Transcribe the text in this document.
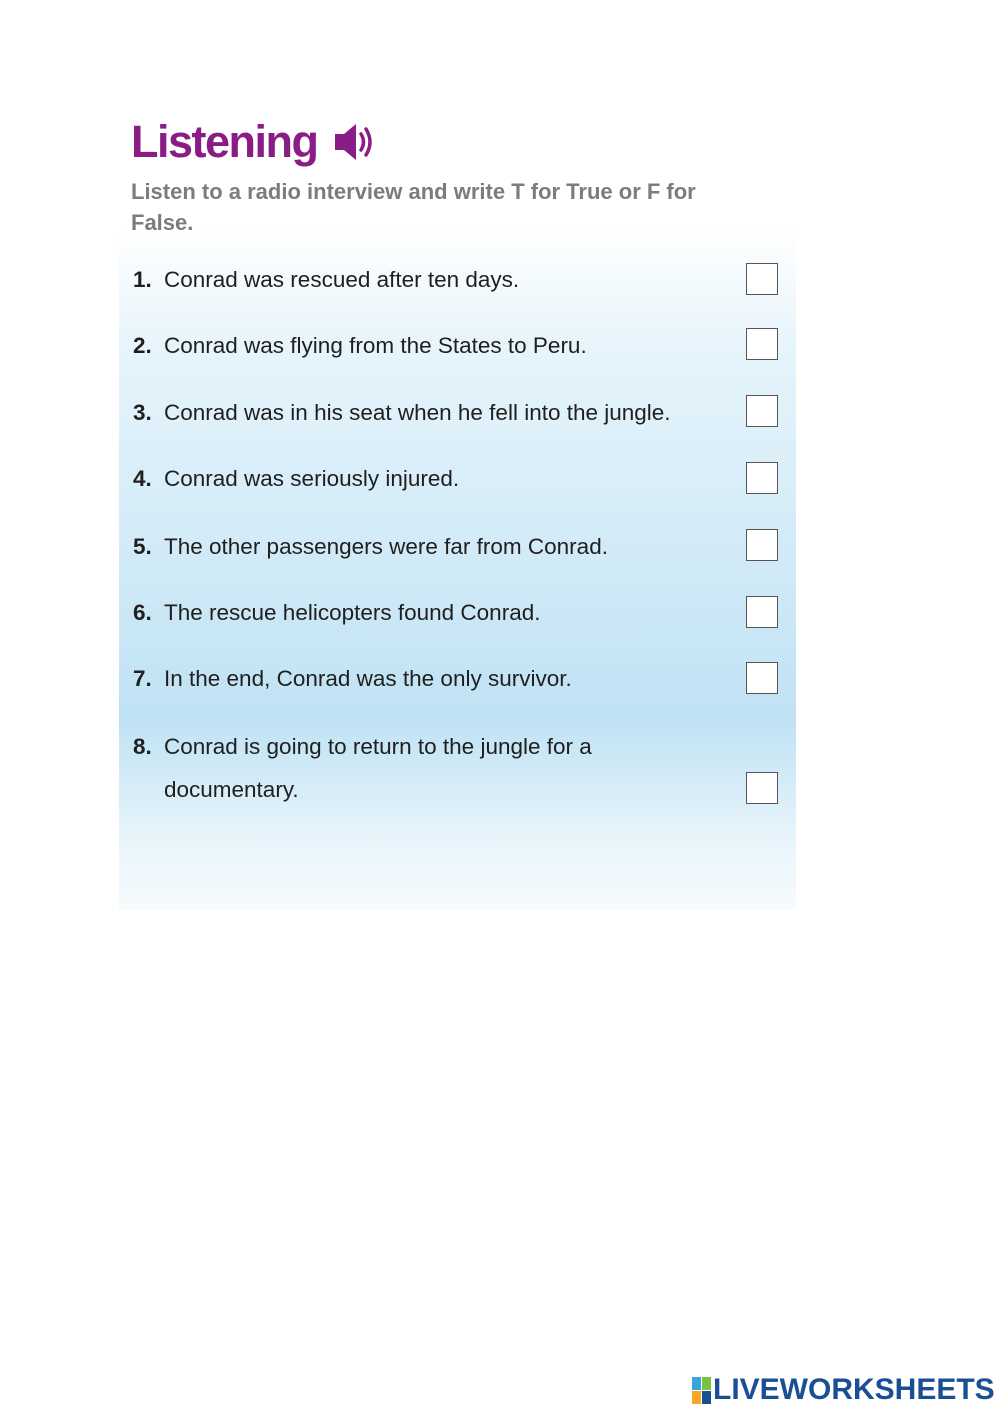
Listening

Listen to a radio interview and write T for True or F for False.

1. Conrad was rescued after ten days.
2. Conrad was flying from the States to Peru.
3. Conrad was in his seat when he fell into the jungle.
4. Conrad was seriously injured.
5. The other passengers were far from Conrad.
6. The rescue helicopters found Conrad.
7. In the end, Conrad was the only survivor.
8. Conrad is going to return to the jungle for a documentary.
LIVEWORKSHEETS
